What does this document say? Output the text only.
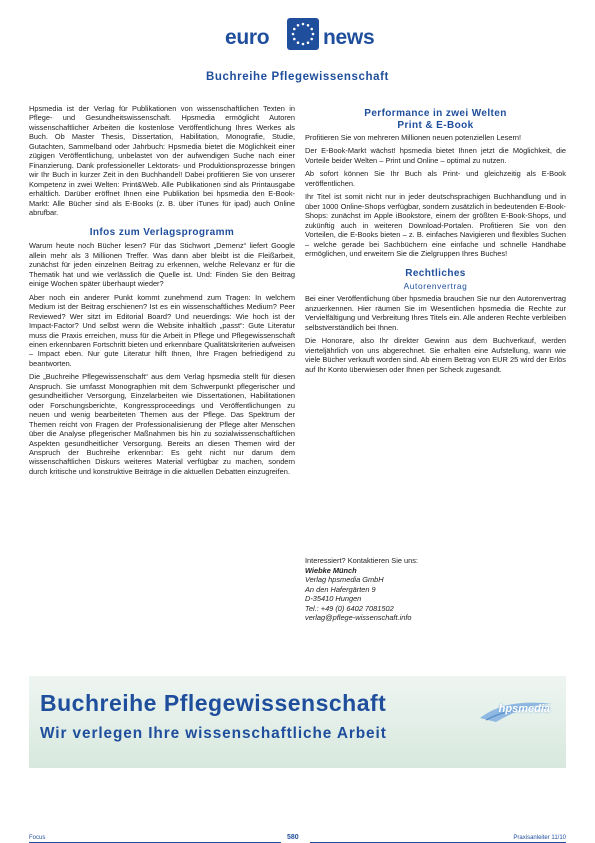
euro	news
Buchreihe Pflegewissenschaft

Hpsmedia ist der Verlag für Publikationen von wissenschaftlichen Texten in Pflege- und Gesundheitswissenschaft. Hpsmedia ermöglicht Autoren wissenschaftlicher Arbeiten die kostenlose Veröffentlichung Ihres Werkes als Buch. Ob Master Thesis, Dissertation, Habilitation, Monografie, Studie, Gutachten, Sammelband oder Jahrbuch: Hpsmedia bietet die Möglichkeit einer zügigen Veröffentlichung, unbelastet von der aufwendigen Suche nach einer Finanzierung. Dank professioneller Lektorats- und Produktionsprozesse bringen wir Ihr Buch in kurzer Zeit in den Buchhandel! Dabei profitieren Sie von unserer Kompetenz in zwei Welten: Print&Web. Alle Publikationen sind als Printausgabe erhältlich. Darüber eröffnet Ihnen eine Publikation bei hpsmedia den E-Book-Markt: Alle Bücher sind als E-Books (z. B. über iTunes für ipad) auch Online abrufbar.

Infos zum Verlagsprogramm

Warum heute noch Bücher lesen? Für das Stichwort „Demenz“ liefert Google allein mehr als 3 Millionen Treffer. Was dann aber bleibt ist die Fleißarbeit, zunächst für jeden einzelnen Beitrag zu erkennen, welche Relevanz er für die Thematik hat und wie verlässlich die Quelle ist. Und: Finden Sie den Beitrag einige Wochen später überhaupt wieder?

Aber noch ein anderer Punkt kommt zunehmend zum Tragen: In welchem Medium ist der Beitrag erschienen? Ist es ein wissenschaftliches Medium? Peer Reviewed? Wer sitzt im Editorial Board? Und neuerdings: Wie hoch ist der Impact-Factor? Und selbst wenn die Website inhaltlich „passt“: Gute Literatur muss die Praxis erreichen, muss für die Arbeit in Pflege und Pflegewissenschaft einen erkennbaren Fortschritt bieten und erkennbare Qualitätskriterien aufweisen – Impact eben. Nur gute Literatur hilft Ihnen, Ihre Fragen befriedigend zu beantworten.

Die „Buchreihe Pflegewissenschaft“ aus dem Verlag hpsmedia stellt für diesen Anspruch. Sie umfasst Monographien mit dem Schwerpunkt pflegerischer und gesundheitlicher Versorgung, Einzelarbeiten wie Dissertationen, Habilitationen oder Forschungsberichte, Kongressproceedings und Veröffentlichungen zu neuen und wenig bearbeiteten Themen aus der Pflege. Das Spektrum der Themen reicht von Fragen der Professionalisierung der Pflege alter Menschen über die Analyse pflegerischer Maßnahmen bis hin zu sozialwissenschaftlichen Aspekten gesundheitlicher Versorgung. Bereits an diesen Themen wird der Anspruch der Buchreihe erkennbar: Es geht nicht nur darum dem wissenschaftlichen Diskurs weiteres Material verfügbar zu machen, sondern durch kritische und konstruktive Beiträge in die aktuellen Debatten einzugreifen.

Performance in zwei Welten
Print & E-Book

Profitieren Sie von mehreren Millionen neuen potenziellen Lesern!

Der E-Book-Markt wächst! hpsmedia bietet Ihnen jetzt die Möglichkeit, die Vorteile beider Welten – Print und Online – optimal zu nutzen.

Ab sofort können Sie Ihr Buch als Print- und gleichzeitig als E-Book veröffentlichen.

Ihr Titel ist somit nicht nur in jeder deutschsprachigen Buchhandlung und in über 1000 Online-Shops verfügbar, sondern zusätzlich in bedeutenden E-Book-Shops: zunächst im Apple iBookstore, einem der größten E-Book-Shops, und zukünftig auch in weiteren Download-Portalen. Profitieren Sie von den Vorteilen, die E-Books bieten – z. B. einfaches Navigieren und flexibles Suchen – welche gerade bei Sachbüchern eine einfache und schnelle Handhabe ermöglichen, und erweitern Sie die Zielgruppen Ihres Buches!

Rechtliches
Autorenvertrag

Bei einer Veröffentlichung über hpsmedia brauchen Sie nur den Autorenvertrag anzuerkennen. Hier räumen Sie im Wesentlichen hpsmedia die Rechte zur Vervielfältigung und Verbreitung Ihres Titels ein. Alle anderen Rechte verbleiben selbstverständlich bei Ihnen.

Die Honorare, also Ihr direkter Gewinn aus dem Buchverkauf, werden vierteljährlich von uns abgerechnet. Sie erhalten eine Aufstellung, wann wie viele Bücher verkauft worden sind. Ab einem Betrag von EUR 25 wird der Erlös auf Ihr Konto überwiesen oder Ihnen per Scheck zugesandt.

Interessiert? Kontaktieren Sie uns:
Wiebke Münch
Verlag hpsmedia GmbH
An den Hafergärten 9
D-35410 Hungen
Tel.: +49 (0) 6402 7081502
verlag@pflege-wissenschaft.info
Buchreihe Pflegewissenschaft
Wir verlegen Ihre wissenschaftliche Arbeit
hpsmedia
Focus	580	Praxisanleiter 11/10
